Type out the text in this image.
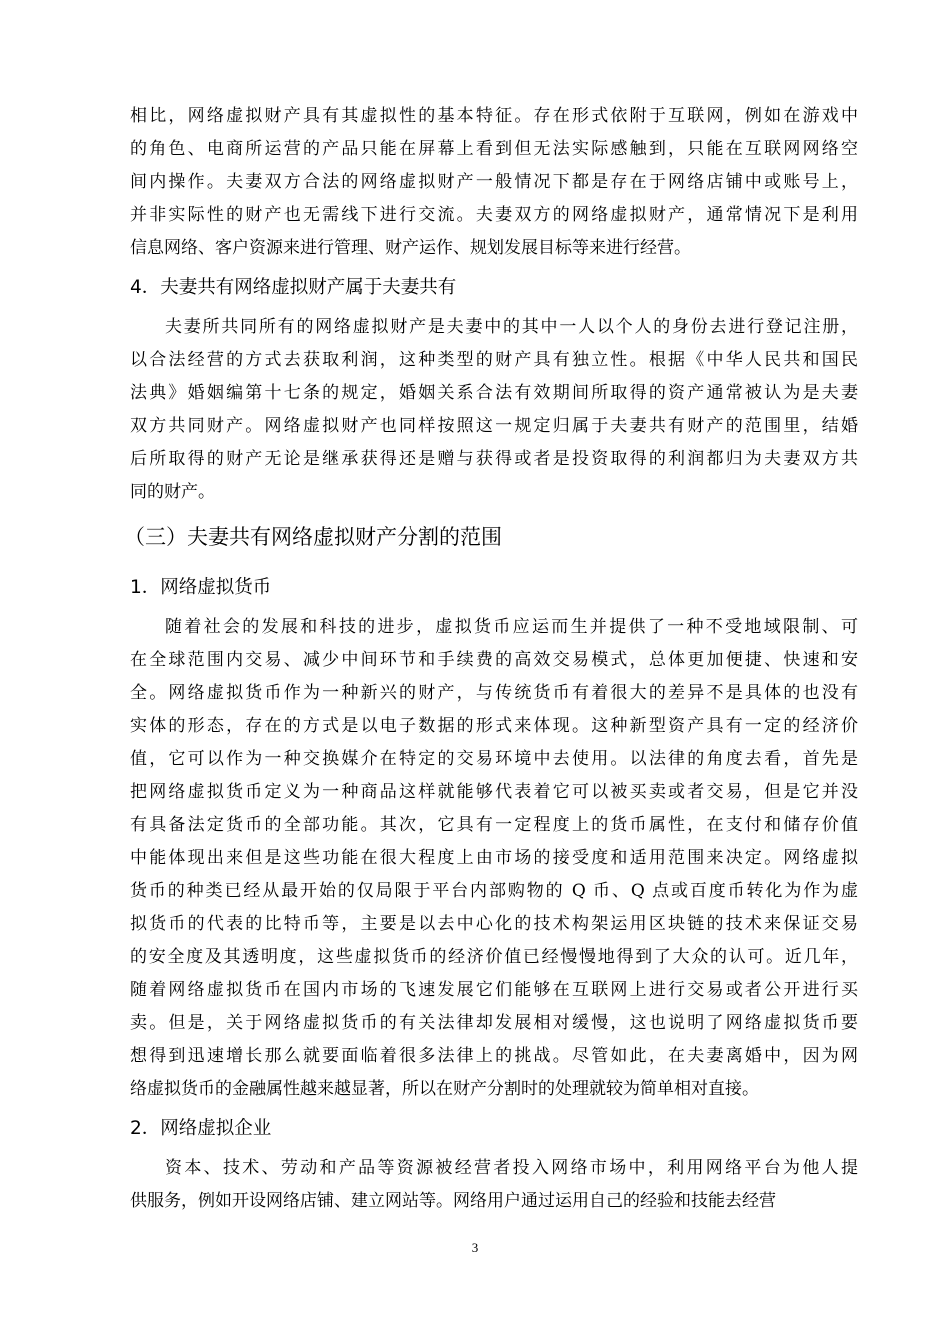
相比，网络虚拟财产具有其虚拟性的基本特征。存在形式依附于互联网，例如在游戏中
的角色、电商所运营的产品只能在屏幕上看到但无法实际感触到，只能在互联网网络空
间内操作。夫妻双方合法的网络虚拟财产一般情况下都是存在于网络店铺中或账号上，
并非实际性的财产也无需线下进行交流。夫妻双方的网络虚拟财产，通常情况下是利用
信息网络、客户资源来进行管理、财产运作、规划发展目标等来进行经营。
4．夫妻共有网络虚拟财产属于夫妻共有
夫妻所共同所有的网络虚拟财产是夫妻中的其中一人以个人的身份去进行登记注册，
以合法经营的方式去获取利润，这种类型的财产具有独立性。根据《中华人民共和国民
法典》婚姻编第十七条的规定，婚姻关系合法有效期间所取得的资产通常被认为是夫妻
双方共同财产。网络虚拟财产也同样按照这一规定归属于夫妻共有财产的范围里，结婚
后所取得的财产无论是继承获得还是赠与获得或者是投资取得的利润都归为夫妻双方共
同的财产。
（三）夫妻共有网络虚拟财产分割的范围
1．网络虚拟货币
随着社会的发展和科技的进步，虚拟货币应运而生并提供了一种不受地域限制、可
在全球范围内交易、减少中间环节和手续费的高效交易模式，总体更加便捷、快速和安
全。网络虚拟货币作为一种新兴的财产，与传统货币有着很大的差异不是具体的也没有
实体的形态，存在的方式是以电子数据的形式来体现。这种新型资产具有一定的经济价
值，它可以作为一种交换媒介在特定的交易环境中去使用。以法律的角度去看，首先是
把网络虚拟货币定义为一种商品这样就能够代表着它可以被买卖或者交易，但是它并没
有具备法定货币的全部功能。其次，它具有一定程度上的货币属性，在支付和储存价值
中能体现出来但是这些功能在很大程度上由市场的接受度和适用范围来决定。网络虚拟
货币的种类已经从最开始的仅局限于平台内部购物的 Q 币、Q 点或百度币转化为作为虚
拟货币的代表的比特币等，主要是以去中心化的技术构架运用区块链的技术来保证交易
的安全度及其透明度，这些虚拟货币的经济价值已经慢慢地得到了大众的认可。近几年，
随着网络虚拟货币在国内市场的飞速发展它们能够在互联网上进行交易或者公开进行买
卖。但是，关于网络虚拟货币的有关法律却发展相对缓慢，这也说明了网络虚拟货币要
想得到迅速增长那么就要面临着很多法律上的挑战。尽管如此，在夫妻离婚中，因为网
络虚拟货币的金融属性越来越显著，所以在财产分割时的处理就较为简单相对直接。
2．网络虚拟企业
资本、技术、劳动和产品等资源被经营者投入网络市场中，利用网络平台为他人提
供服务，例如开设网络店铺、建立网站等。网络用户通过运用自己的经验和技能去经营
3
